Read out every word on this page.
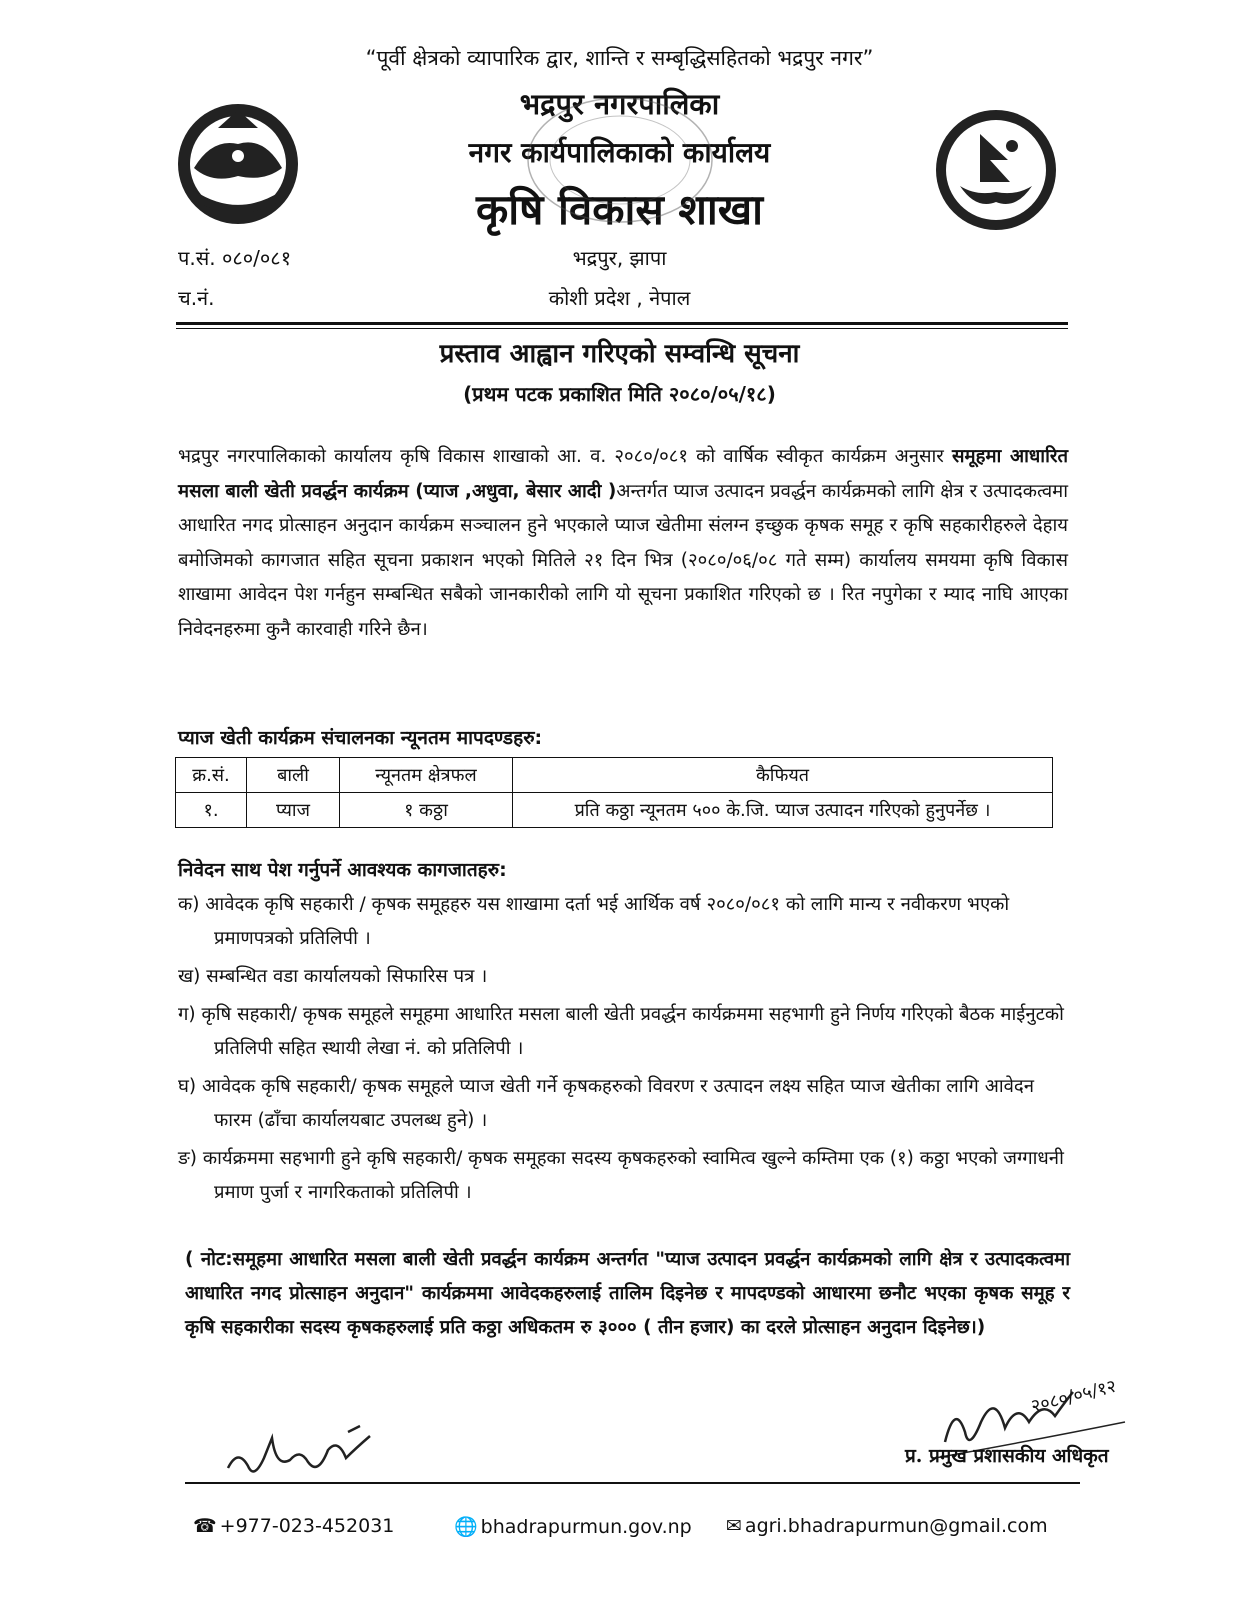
“पूर्वी क्षेत्रको व्यापारिक द्वार, शान्ति र सम्बृद्धिसहितको भद्रपुर नगर”
भद्रपुर नगरपालिका
नगर कार्यपालिकाको कार्यालय
कृषि विकास शाखा
प.सं. ०८०/०८१
च.नं.
भद्रपुर, झापा
कोशी प्रदेश , नेपाल
प्रस्ताव आह्वान गरिएको सम्वन्धि सूचना
(प्रथम पटक प्रकाशित मिति २०८०/०५/१८)
भद्रपुर नगरपालिकाको कार्यालय कृषि विकास शाखाको आ. व. २०८०/०८१ को वार्षिक स्वीकृत कार्यक्रम अनुसार समूहमा आधारित मसला बाली खेती प्रवर्द्धन कार्यक्रम (प्याज ,अधुवा, बेसार आदी )अन्तर्गत प्याज उत्पादन प्रवर्द्धन कार्यक्रमको लागि क्षेत्र र उत्पादकत्वमा आधारित नगद प्रोत्साहन अनुदान कार्यक्रम सञ्चालन हुने भएकाले प्याज खेतीमा संलग्न इच्छुक कृषक समूह र कृषि सहकारीहरुले देहाय बमोजिमको कागजात सहित सूचना प्रकाशन भएको मितिले २१ दिन भित्र (२०८०/०६/०८ गते सम्म) कार्यालय समयमा कृषि विकास शाखामा आवेदन पेश गर्नहुन सम्बन्धित सबैको जानकारीको लागि यो सूचना प्रकाशित गरिएको छ । रित नपुगेका र म्याद नाघि आएका निवेदनहरुमा कुनै कारवाही गरिने छैन।
प्याज खेती कार्यक्रम संचालनका न्यूनतम मापदण्डहरु:
क्र.सं.	बाली	न्यूनतम क्षेत्रफल	कैफियत
१.	प्याज	१ कठ्ठा	प्रति कठ्ठा न्यूनतम ५०० के.जि. प्याज उत्पादन गरिएको हुनुपर्नेछ ।
निवेदन साथ पेश गर्नुपर्ने आवश्यक कागजातहरु:
क) आवेदक कृषि सहकारी / कृषक समूहहरु यस शाखामा दर्ता भई आर्थिक वर्ष २०८०/०८१ को लागि मान्य र नवीकरण भएको प्रमाणपत्रको प्रतिलिपी ।
ख) सम्बन्धित वडा कार्यालयको सिफारिस पत्र ।
ग) कृषि सहकारी/ कृषक समूहले समूहमा आधारित मसला बाली खेती प्रवर्द्धन कार्यक्रममा सहभागी हुने निर्णय गरिएको बैठक माईनुटको प्रतिलिपी सहित स्थायी लेखा नं. को प्रतिलिपी ।
घ) आवेदक कृषि सहकारी/ कृषक समूहले प्याज खेती गर्ने कृषकहरुको विवरण र उत्पादन लक्ष्य सहित प्याज खेतीका लागि आवेदन फारम (ढाँचा कार्यालयबाट उपलब्ध हुने) ।
ङ) कार्यक्रममा सहभागी हुने कृषि सहकारी/ कृषक समूहका सदस्य कृषकहरुको स्वामित्व खुल्ने कम्तिमा एक (१) कठ्ठा भएको जग्गाधनी प्रमाण पुर्जा र नागरिकताको प्रतिलिपी ।
( नोट:समूहमा आधारित मसला बाली खेती प्रवर्द्धन कार्यक्रम अन्तर्गत "प्याज उत्पादन प्रवर्द्धन कार्यक्रमको लागि क्षेत्र र उत्पादकत्वमा आधारित नगद प्रोत्साहन अनुदान" कार्यक्रममा आवेदकहरुलाई तालिम दिइनेछ र मापदण्डको आधारमा छनौट भएका कृषक समूह र कृषि सहकारीका सदस्य कृषकहरुलाई प्रति कठ्ठा अधिकतम रु ३००० ( तीन हजार) का दरले प्रोत्साहन अनुदान दिइनेछ।)
२०८०/०५/१२
प्र. प्रमुख प्रशासकीय अधिकृत
☎ +977-023-452031	🌐 bhadrapurmun.gov.np ✉ agri.bhadrapurmun@gmail.com
